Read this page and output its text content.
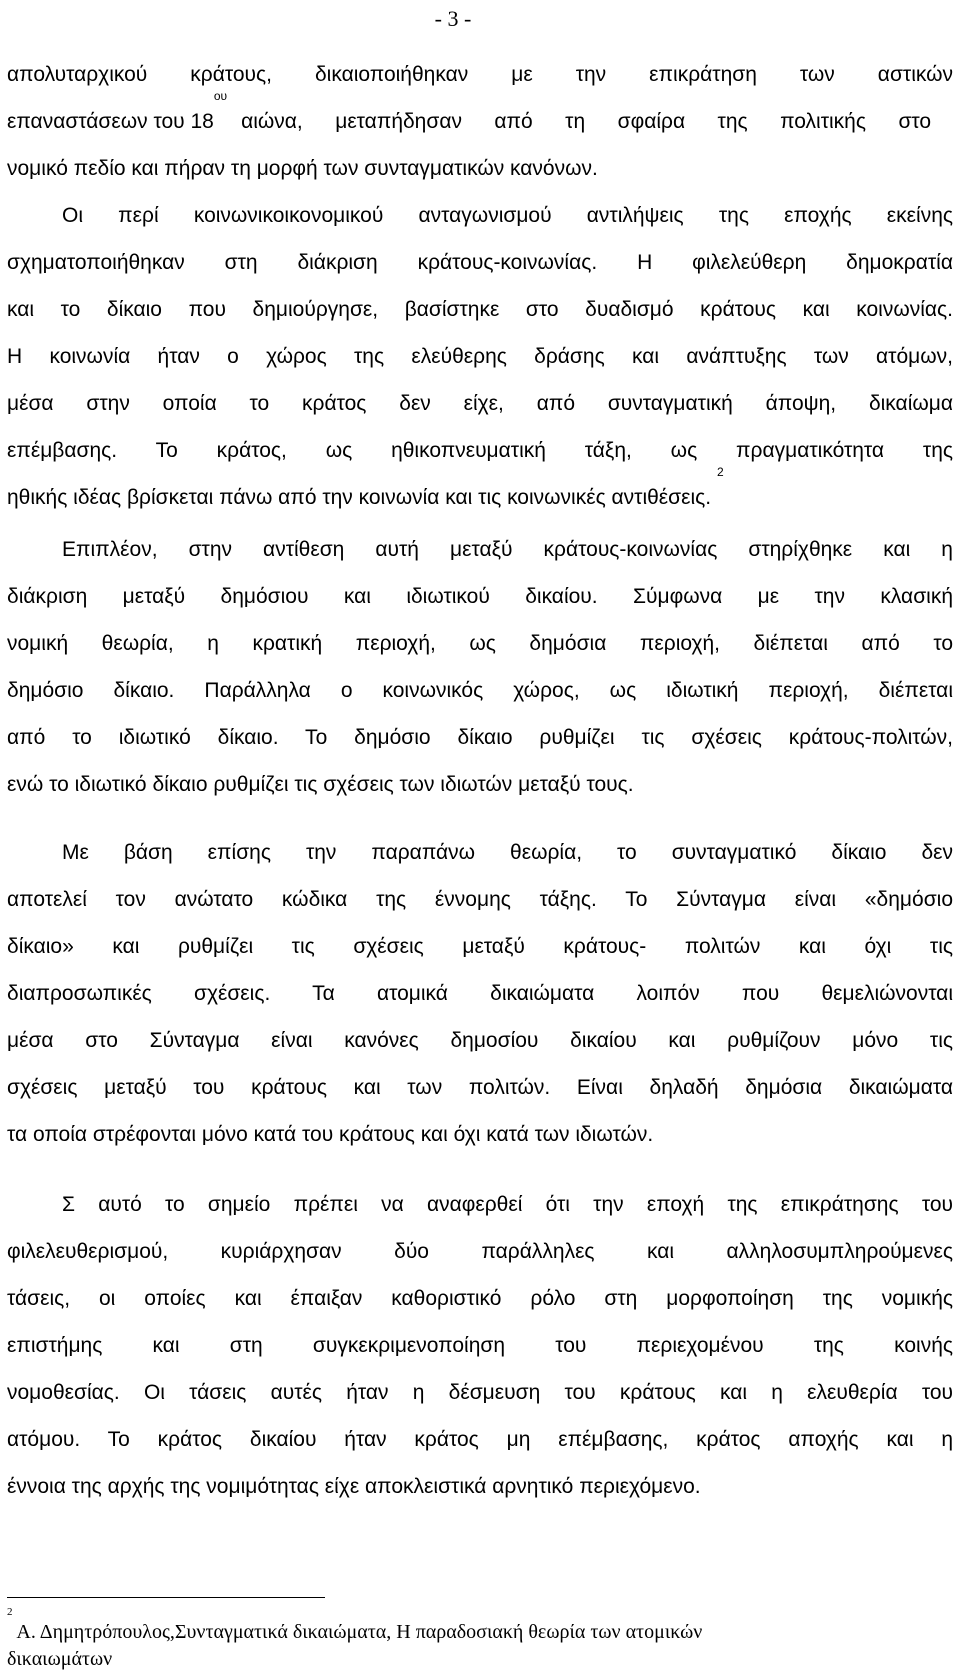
- 3 -
απολυταρχικού κράτους, δικαιοποιήθηκαν με την επικράτηση των αστικών
επαναστάσεων του $18^{o\upsilon}\alpha\iota ώ\nu\alpha$, μεταπήδησαν από τη σφαίρα της πολιτικής στο
νομικό πεδίο και πήραν τη μορφή των συνταγματικών κανόνων.
Οι περί κοινωνικοικονομικού ανταγωνισμού αντιλήψεις της εποχής εκείνης
σχηματοποιήθηκαν στη διάκριση κράτους-κοινωνίας. Η φιλελεύθερη δημοκρατία
και το δίκαιο που δημιούργησε, βασίστηκε στο δυαδισμό κράτους και κοινωνίας.
Η κοινωνία ήταν ο χώρος της ελεύθερης δράσης και ανάπτυξης των ατόμων,
μέσα στην οποία το κράτος δεν είχε, από συνταγματική άποψη, δικαίωμα
επέμβασης. Το κράτος, ως ηθικοπνευματική τάξη, ως πραγματικότητα της
ηθικής ιδέας βρίσκεται πάνω από την κοινωνία και τις κοινωνικές αντιθέσεις. $^2$
Επιπλέον, στην αντίθεση αυτή μεταξύ κράτους-κοινωνίας στηρίχθηκε και η
διάκριση μεταξύ δημόσιου και ιδιωτικού δικαίου. Σύμφωνα με την κλασική
νομική θεωρία, η κρατική περιοχή, ως δημόσια περιοχή, διέπεται από το
δημόσιο δίκαιο. Παράλληλα ο κοινωνικός χώρος, ως ιδιωτική περιοχή, διέπεται
από το ιδιωτικό δίκαιο. Το δημόσιο δίκαιο ρυθμίζει τις σχέσεις κράτους-πολιτών,
ενώ το ιδιωτικό δίκαιο ρυθμίζει τις σχέσεις των ιδιωτών μεταξύ τους.
Με βάση επίσης την παραπάνω θεωρία, το συνταγματικό δίκαιο δεν
αποτελεί τον ανώτατο κώδικα της έννομης τάξης. Το Σύνταγμα είναι «δημόσιο
δίκαιο» και ρυθμίζει τις σχέσεις μεταξύ κράτους- πολιτών και όχι τις
διαπροσωπικές σχέσεις. Τα ατομικά δικαιώματα λοιπόν που θεμελιώνονται
μέσα στο Σύνταγμα είναι κανόνες δημοσίου δικαίου και ρυθμίζουν μόνο τις
σχέσεις μεταξύ του κράτους και των πολιτών. Είναι δηλαδή δημόσια δικαιώματα
τα οποία στρέφονται μόνο κατά του κράτους και όχι κατά των ιδιωτών.
Σ αυτό το σημείο πρέπει να αναφερθεί ότι την εποχή της επικράτησης του
φιλελευθερισμού, κυριάρχησαν δύο παράλληλες και αλληλοσυμπληρούμενες
τάσεις, οι οποίες και έπαιξαν καθοριστικό ρόλο στη μορφοποίηση της νομικής
επιστήμης και στη συγκεκριμενοποίηση του περιεχομένου της κοινής
νομοθεσίας. Οι τάσεις αυτές ήταν η δέσμευση του κράτους και η ελευθερία του
ατόμου. Το κράτος δικαίου ήταν κράτος μη επέμβασης, κράτος αποχής και η
έννοια της αρχής της νομιμότητας είχε αποκλειστικά αρνητικό περιεχόμενο.
$^2$ Α. Δημητρόπουλος,Συνταγματικά δικαιώματα, Η παραδοσιακή θεωρία των ατομικών
δικαιωμάτων
